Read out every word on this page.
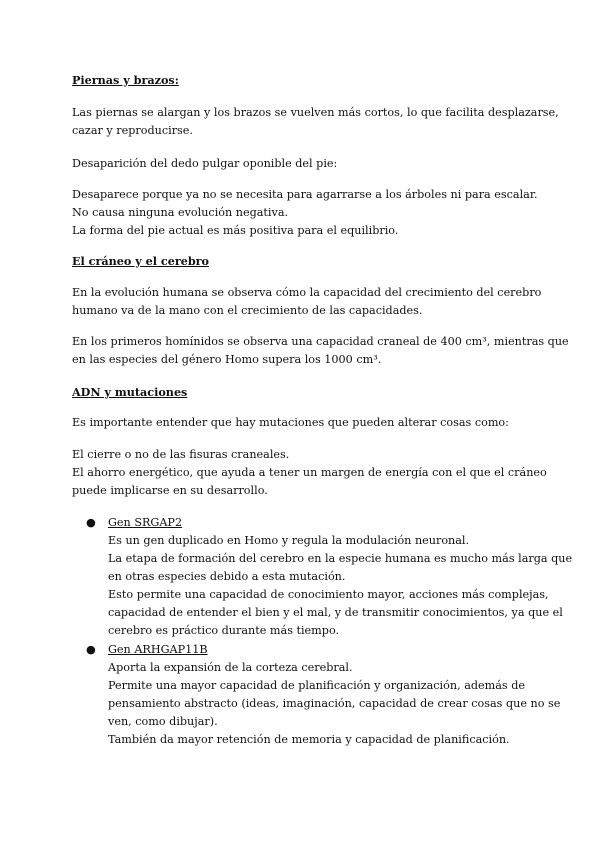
Piernas y brazos:
Las piernas se alargan y los brazos se vuelven más cortos, lo que facilita desplazarse,
cazar y reproducirse.
Desaparición del dedo pulgar oponible del pie:
Desaparece porque ya no se necesita para agarrarse a los árboles ni para escalar.
No causa ninguna evolución negativa.
La forma del pie actual es más positiva para el equilibrio.
El cráneo y el cerebro
En la evolución humana se observa cómo la capacidad del crecimiento del cerebro
humano va de la mano con el crecimiento de las capacidades.
En los primeros homínidos se observa una capacidad craneal de 400 cm³, mientras que
en las especies del género Homo supera los 1000 cm³.
ADN y mutaciones
Es importante entender que hay mutaciones que pueden alterar cosas como:
El cierre o no de las fisuras craneales.
El ahorro energético, que ayuda a tener un margen de energía con el que el cráneo
puede implicarse en su desarrollo.
●	Gen SRGAP2
Es un gen duplicado en Homo y regula la modulación neuronal.
La etapa de formación del cerebro en la especie humana es mucho más larga que
en otras especies debido a esta mutación.
Esto permite una capacidad de conocimiento mayor, acciones más complejas,
capacidad de entender el bien y el mal, y de transmitir conocimientos, ya que el
cerebro es práctico durante más tiempo.
●	Gen ARHGAP11B
Aporta la expansión de la corteza cerebral.
Permite una mayor capacidad de planificación y organización, además de
pensamiento abstracto (ideas, imaginación, capacidad de crear cosas que no se
ven, como dibujar).
También da mayor retención de memoria y capacidad de planificación.
